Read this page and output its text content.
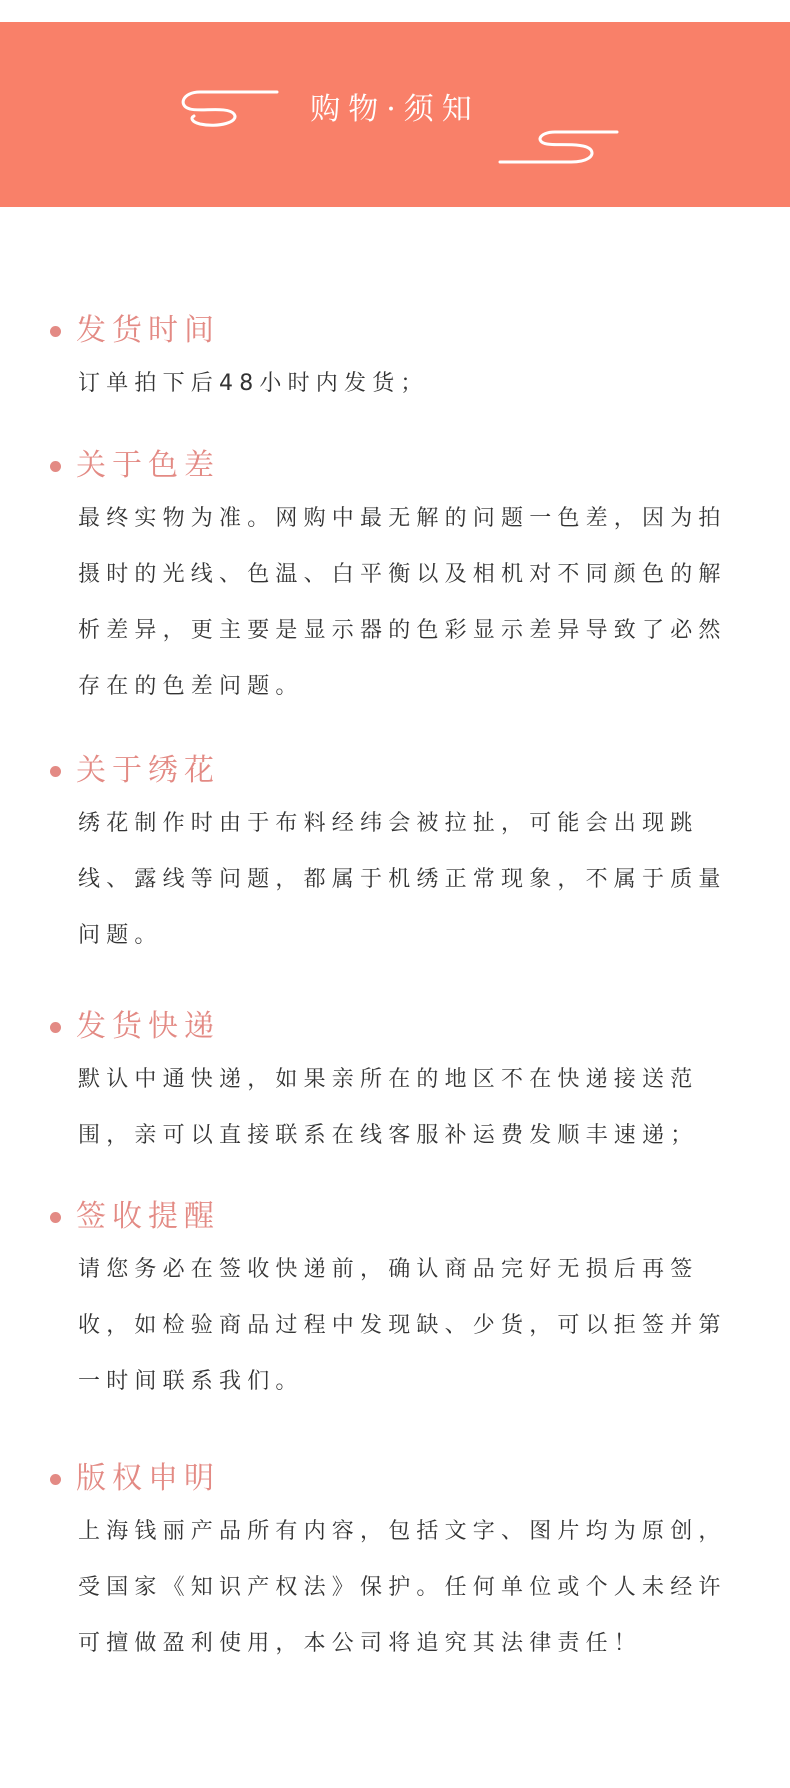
购物·须知
发货时间
订单拍下后48小时内发货；
关于色差
最终实物为准。网购中最无解的问题一色差，因为拍摄时的光线、色温、白平衡以及相机对不同颜色的解析差异，更主要是显示器的色彩显示差异导致了必然存在的色差问题。
关于绣花
绣花制作时由于布料经纬会被拉扯，可能会出现跳线、露线等问题，都属于机绣正常现象，不属于质量问题。
发货快递
默认中通快递，如果亲所在的地区不在快递接送范围，亲可以直接联系在线客服补运费发顺丰速递；
签收提醒
请您务必在签收快递前，确认商品完好无损后再签收，如检验商品过程中发现缺、少货，可以拒签并第一时间联系我们。
版权申明
上海钱丽产品所有内容，包括文字、图片均为原创，受国家《知识产权法》保护。任何单位或个人未经许可擅做盈利使用，本公司将追究其法律责任！
